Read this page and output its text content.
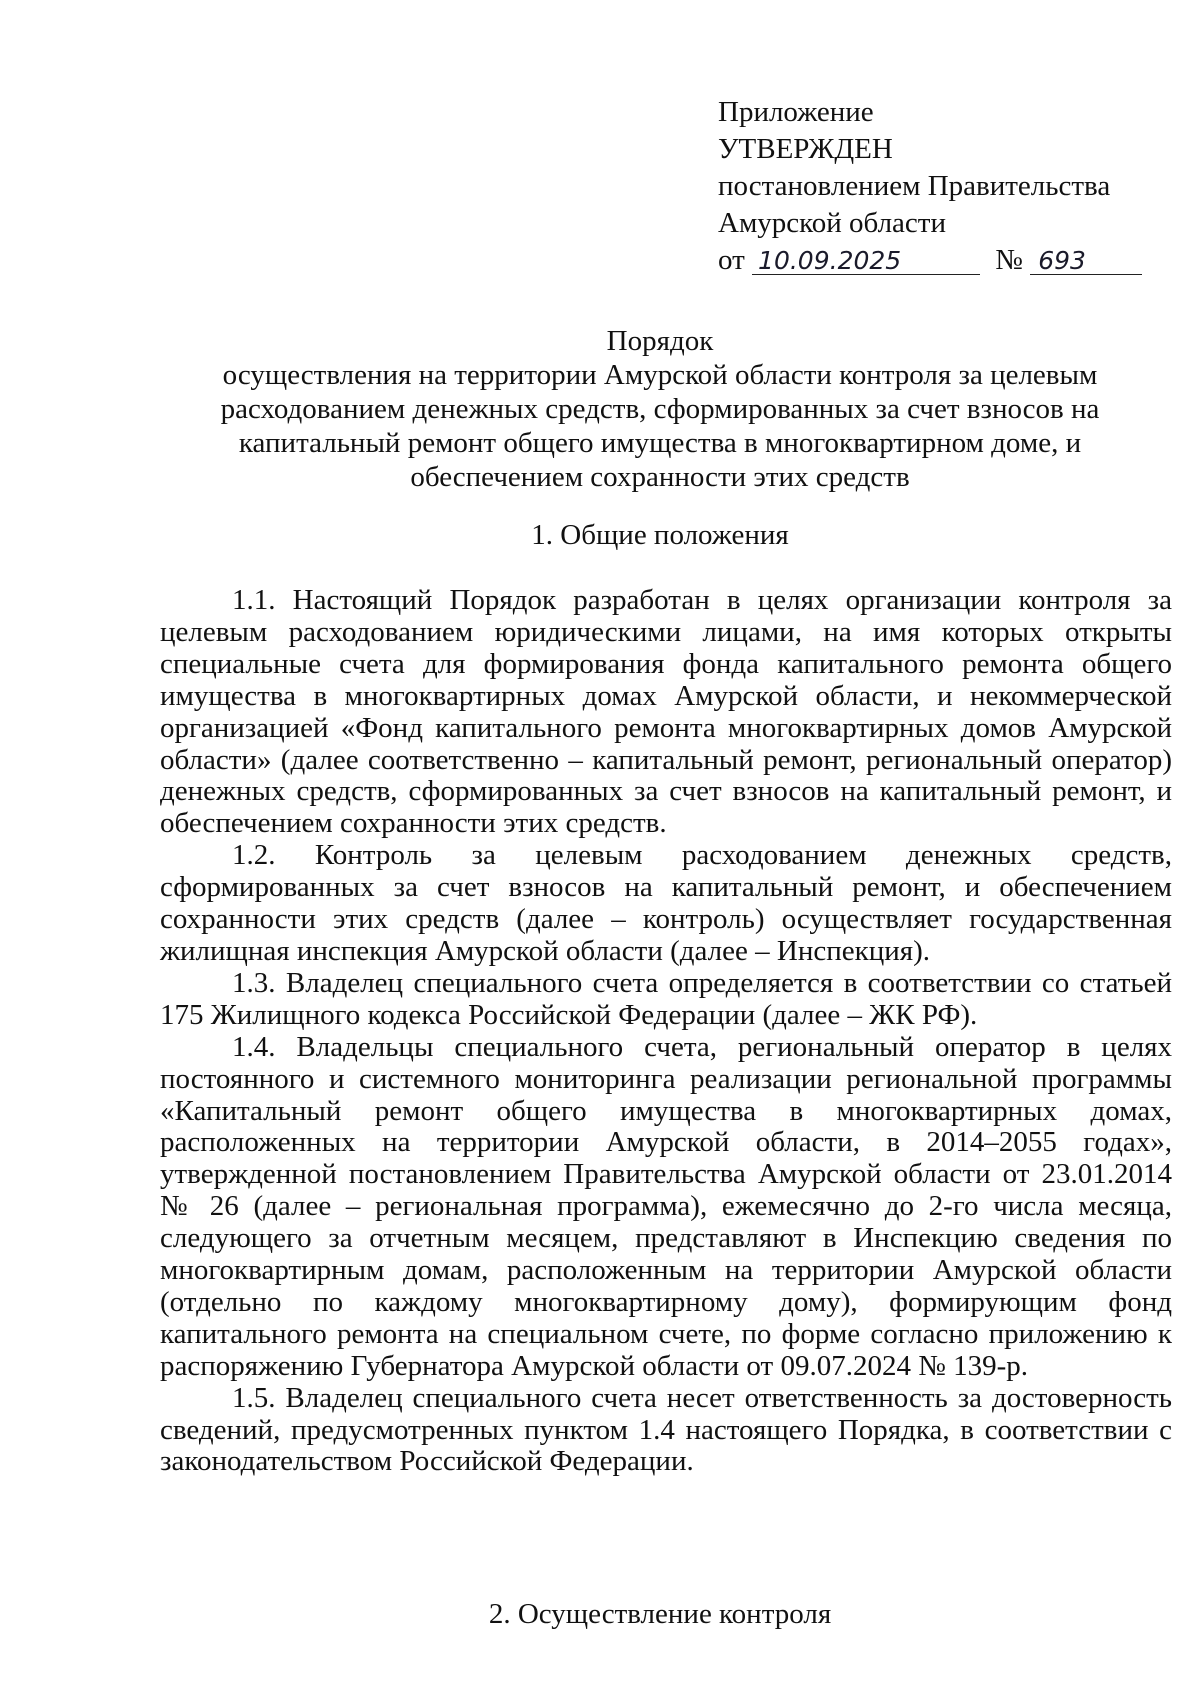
Приложение
УТВЕРЖДЕН
постановлением Правительства
Амурской области
от 10.09.2025	№ 693
Порядок
осуществления на территории Амурской области контроля за целевым
расходованием денежных средств, сформированных за счет взносов на
капитальный ремонт общего имущества в многоквартирном доме, и
обеспечением сохранности этих средств
1. Общие положения

1.1. Настоящий Порядок разработан в целях организации контроля за целевым расходованием юридическими лицами, на имя которых открыты специальные счета для формирования фонда капитального ремонта общего имущества в многоквартирных домах Амурской области, и некоммерческой организацией «Фонд капитального ремонта многоквартирных домов Амурской области» (далее соответственно – капитальный ремонт, региональный оператор) денежных средств, сформированных за счет взносов на капитальный ремонт, и обеспечением сохранности этих средств.

1.2. Контроль за целевым расходованием денежных средств, сформированных за счет взносов на капитальный ремонт, и обеспечением сохранности этих средств (далее – контроль) осуществляет государственная жилищная инспекция Амурской области (далее – Инспекция).

1.3. Владелец специального счета определяется в соответствии со статьей 175 Жилищного кодекса Российской Федерации (далее – ЖК РФ).

1.4. Владельцы специального счета, региональный оператор в целях постоянного и системного мониторинга реализации региональной программы «Капитальный ремонт общего имущества в многоквартирных домах, расположенных на территории Амурской области, в 2014–2055 годах», утвержденной постановлением Правительства Амурской области от 23.01.2014 № 26 (далее – региональная программа), ежемесячно до 2-го числа месяца, следующего за отчетным месяцем, представляют в Инспекцию сведения по многоквартирным домам, расположенным на территории Амурской области (отдельно по каждому многоквартирному дому), формирующим фонд капитального ремонта на специальном счете, по форме согласно приложению к распоряжению Губернатора Амурской области от 09.07.2024 № 139-р.

1.5. Владелец специального счета несет ответственность за достоверность сведений, предусмотренных пунктом 1.4 настоящего Порядка, в соответствии с законодательством Российской Федерации.

2. Осуществление контроля
